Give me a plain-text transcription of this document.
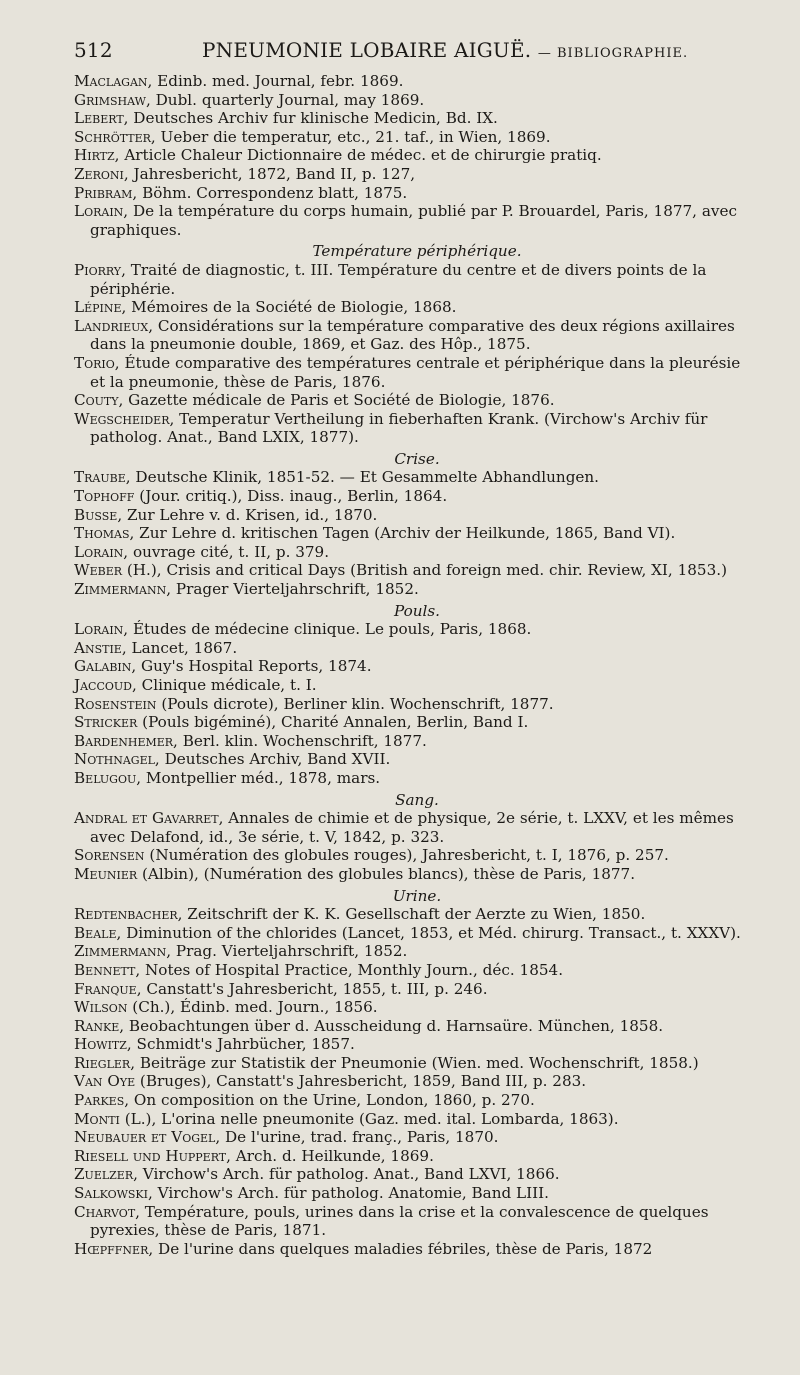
512	PNEUMONIE LOBAIRE AIGUË. — BIBLIOGRAPHIE.
Maclagan, Edinb. med. Journal, febr. 1869.
Grimshaw, Dubl. quarterly Journal, may 1869.
Lebert, Deutsches Archiv fur klinische Medicin, Bd. IX.
Schrötter, Ueber die temperatur, etc., 21. taf., in Wien, 1869.
Hirtz, Article Chaleur Dictionnaire de médec. et de chirurgie pratiq.
Zeroni, Jahresbericht, 1872, Band II, p. 127,
Pribram, Böhm. Correspondenz blatt, 1875.
Lorain, De la température du corps humain, publié par P. Brouardel, Paris, 1877, avec graphiques.
Température périphérique.
Piorry, Traité de diagnostic, t. III. Température du centre et de divers points de la périphérie.
Lépine, Mémoires de la Société de Biologie, 1868.
Landrieux, Considérations sur la température comparative des deux régions axillaires dans la pneumonie double, 1869, et Gaz. des Hôp., 1875.
Torio, Étude comparative des températures centrale et périphérique dans la pleurésie et la pneumonie, thèse de Paris, 1876.
Couty, Gazette médicale de Paris et Société de Biologie, 1876.
Wegscheider, Temperatur Vertheilung in fieberhaften Krank. (Virchow's Archiv für patholog. Anat., Band LXIX, 1877).
Crise.
Traube, Deutsche Klinik, 1851-52. — Et Gesammelte Abhandlungen.
Tophoff (Jour. critiq.), Diss. inaug., Berlin, 1864.
Busse, Zur Lehre v. d. Krisen, id., 1870.
Thomas, Zur Lehre d. kritischen Tagen (Archiv der Heilkunde, 1865, Band VI).
Lorain, ouvrage cité, t. II, p. 379.
Weber (H.), Crisis and critical Days (British and foreign med. chir. Review, XI, 1853.)
Zimmermann, Prager Vierteljahrschrift, 1852.
Pouls.
Lorain, Études de médecine clinique. Le pouls, Paris, 1868.
Anstie, Lancet, 1867.
Galabin, Guy's Hospital Reports, 1874.
Jaccoud, Clinique médicale, t. I.
Rosenstein (Pouls dicrote), Berliner klin. Wochenschrift, 1877.
Stricker (Pouls bigéminé), Charité Annalen, Berlin, Band I.
Bardenhemer, Berl. klin. Wochenschrift, 1877.
Nothnagel, Deutsches Archiv, Band XVII.
Belugou, Montpellier méd., 1878, mars.
Sang.
Andral et Gavarret, Annales de chimie et de physique, 2e série, t. LXXV, et les mêmes avec Delafond, id., 3e série, t. V, 1842, p. 323.
Sorensen (Numération des globules rouges), Jahresbericht, t. I, 1876, p. 257.
Meunier (Albin), (Numération des globules blancs), thèse de Paris, 1877.
Urine.
Redtenbacher, Zeitschrift der K. K. Gesellschaft der Aerzte zu Wien, 1850.
Beale, Diminution of the chlorides (Lancet, 1853, et Méd. chirurg. Transact., t. XXXV).
Zimmermann, Prag. Vierteljahrschrift, 1852.
Bennett, Notes of Hospital Practice, Monthly Journ., déc. 1854.
Franque, Canstatt's Jahresbericht, 1855, t. III, p. 246.
Wilson (Ch.), Édinb. med. Journ., 1856.
Ranke, Beobachtungen über d. Ausscheidung d. Harnsaüre. München, 1858.
Howitz, Schmidt's Jahrbücher, 1857.
Riegler, Beiträge zur Statistik der Pneumonie (Wien. med. Wochenschrift, 1858.)
Van Oye (Bruges), Canstatt's Jahresbericht, 1859, Band III, p. 283.
Parkes, On composition on the Urine, London, 1860, p. 270.
Monti (L.), L'orina nelle pneumonite (Gaz. med. ital. Lombarda, 1863).
Neubauer et Vogel, De l'urine, trad. franç., Paris, 1870.
Riesell und Huppert, Arch. d. Heilkunde, 1869.
Zuelzer, Virchow's Arch. für patholog. Anat., Band LXVI, 1866.
Salkowski, Virchow's Arch. für patholog. Anatomie, Band LIII.
Charvot, Température, pouls, urines dans la crise et la convalescence de quelques pyrexies, thèse de Paris, 1871.
Hœpffner, De l'urine dans quelques maladies fébriles, thèse de Paris, 1872
